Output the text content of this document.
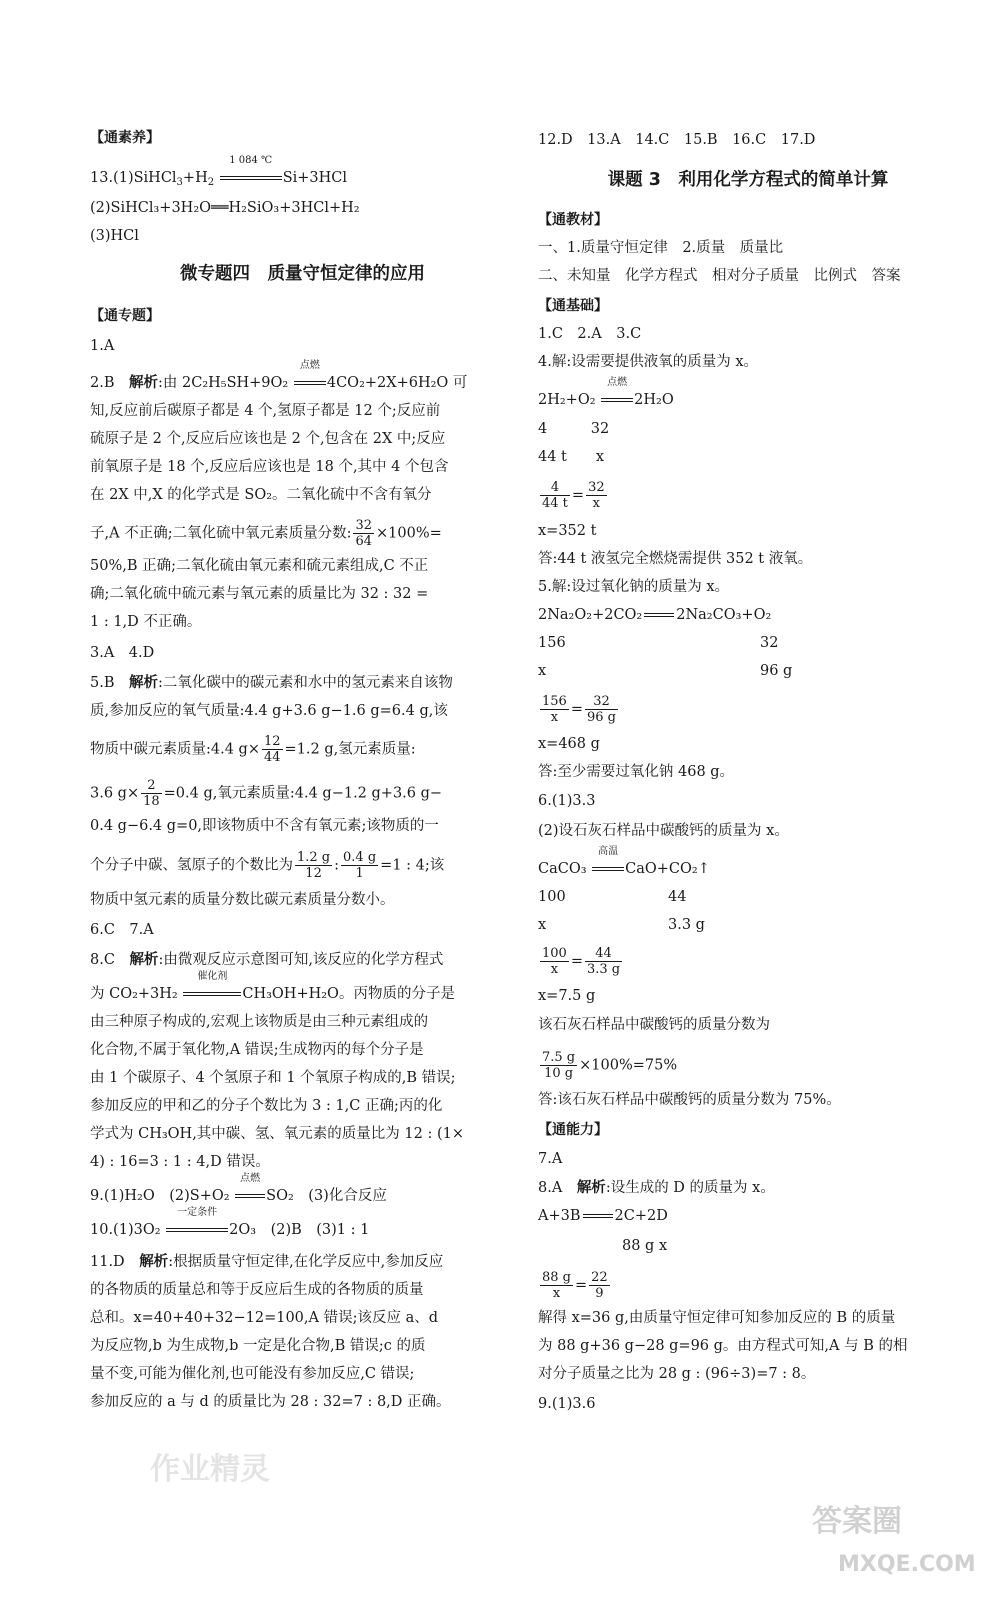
【通素养】
$13.(1)SiHCl_3+H_2$
1 084 ℃
Si+3HCl
(2)SiHCl₃+3H₂O══H₂SiO₃+3HCl+H₂
(3)HCl
微专题四　质量守恒定律的应用
【通专题】
1.A
2.B　解析:由 2C₂H₅SH+9O₂
点燃
4CO₂+2X+6H₂O 可
知,反应前后碳原子都是 4 个,氢原子都是 12 个;反应前
硫原子是 2 个,反应后应该也是 2 个,包含在 2X 中;反应
前氧原子是 18 个,反应后应该也是 18 个,其中 4 个包含
在 2X 中,X 的化学式是 SO₂。二氧化硫中不含有氧分
子,A 不正确;二氧化硫中氧元素质量分数: $\frac{32}{64} \times 100\%=$
50%,B 正确;二氧化硫由氧元素和硫元素组成,C 不正
确;二氧化硫中硫元素与氧元素的质量比为 32 : 32 =
1 : 1,D 不正确。
3.A　4.D
5.B　解析:二氧化碳中的碳元素和水中的氢元素来自该物
质,参加反应的氧气质量:4.4 g+3.6 g−1.6 g=6.4 g,该
物质中碳元素质量:4.4 $g\times \frac{12}{44} =1.2$ g,氢元素质量:
3.6 $g\times \frac{2}{18} =0.4$ g,氧元素质量:4.4 g−1.2 g+3.6 g−
0.4 g−6.4 g=0,即该物质中不含有氧元素;该物质的一
个分子中碳、氢原子的个数比为 $\frac{1.2 g}{12}$ : $\frac{0.4 g}{1} =1$ : 4;该
物质中氢元素的质量分数比碳元素质量分数小。
6.C　7.A
8.C　解析:由微观反应示意图可知,该反应的化学方程式
为 CO₂+3H₂
催化剂
CH₃OH+H₂O。丙物质的分子是
由三种原子构成的,宏观上该物质是由三种元素组成的
化合物,不属于氧化物,A 错误;生成物丙的每个分子是
由 1 个碳原子、4 个氢原子和 1 个氧原子构成的,B 错误;
参加反应的甲和乙的分子个数比为 3 : 1,C 正确;丙的化
学式为 CH₃OH,其中碳、氢、氧元素的质量比为 12 : (1×
4) : 16=3 : 1 : 4,D 错误。
9.(1)H₂O　(2)S+O₂
点燃
SO₂　(3)化合反应
10.(1)3O₂
一定条件
2O₃　(2)B　(3)1 : 1
11.D　解析:根据质量守恒定律,在化学反应中,参加反应
的各物质的质量总和等于反应后生成的各物质的质量
总和。x=40+40+32−12=100,A 错误;该反应 a、d
为反应物,b 为生成物,b 一定是化合物,B 错误;c 的质
量不变,可能为催化剂,也可能没有参加反应,C 错误;
参加反应的 a 与 d 的质量比为 28 : 32=7 : 8,D 正确。
12.D　13.A　14.C　15.B　16.C　17.D
课题 3　利用化学方程式的简单计算
【通教材】
一、1.质量守恒定律　2.质量　质量比
二、未知量　化学方程式　相对分子质量　比例式　答案
【通基础】
1.C　2.A　3.C
4.解:设需要提供液氧的质量为 x。
2H₂+O₂
点燃
2H₂O
4　　　32
44 t　　x
$\frac{4}{44 t} = \frac{32}{x}$
x=352 t
答:44 t 液氢完全燃烧需提供 352 t 液氧。
5.解:设过氧化钠的质量为 x。
2Na₂O₂+2CO₂ 2Na₂CO₃+O₂
156	32
x	96 g
$\frac{156}{x} = \frac{32}{96 g}$
x=468 g
答:至少需要过氧化钠 468 g。
6.(1)3.3
(2)设石灰石样品中碳酸钙的质量为 x。
CaCO₃
高温
CaO+CO₂↑
100	44
x	3.3 g
$\frac{100}{x} = \frac{44}{3.3 g}$
x=7.5 g
该石灰石样品中碳酸钙的质量分数为
$\frac{7.5 g}{10 g} \times 100\%=75\%$
答:该石灰石样品中碳酸钙的质量分数为 75%。
【通能力】
7.A
8.A　解析:设生成的 D 的质量为 x。
A+3B 2C+2D
88 g x
$\frac{88 g}{x} = \frac{22}{9}$
解得 x=36 g,由质量守恒定律可知参加反应的 B 的质量
为 88 g+36 g−28 g=96 g。由方程式可知,A 与 B 的相
对分子质量之比为 28 g : (96÷3)=7 : 8。
9.(1)3.6
作业精灵
答案圈
MXQE.COM
